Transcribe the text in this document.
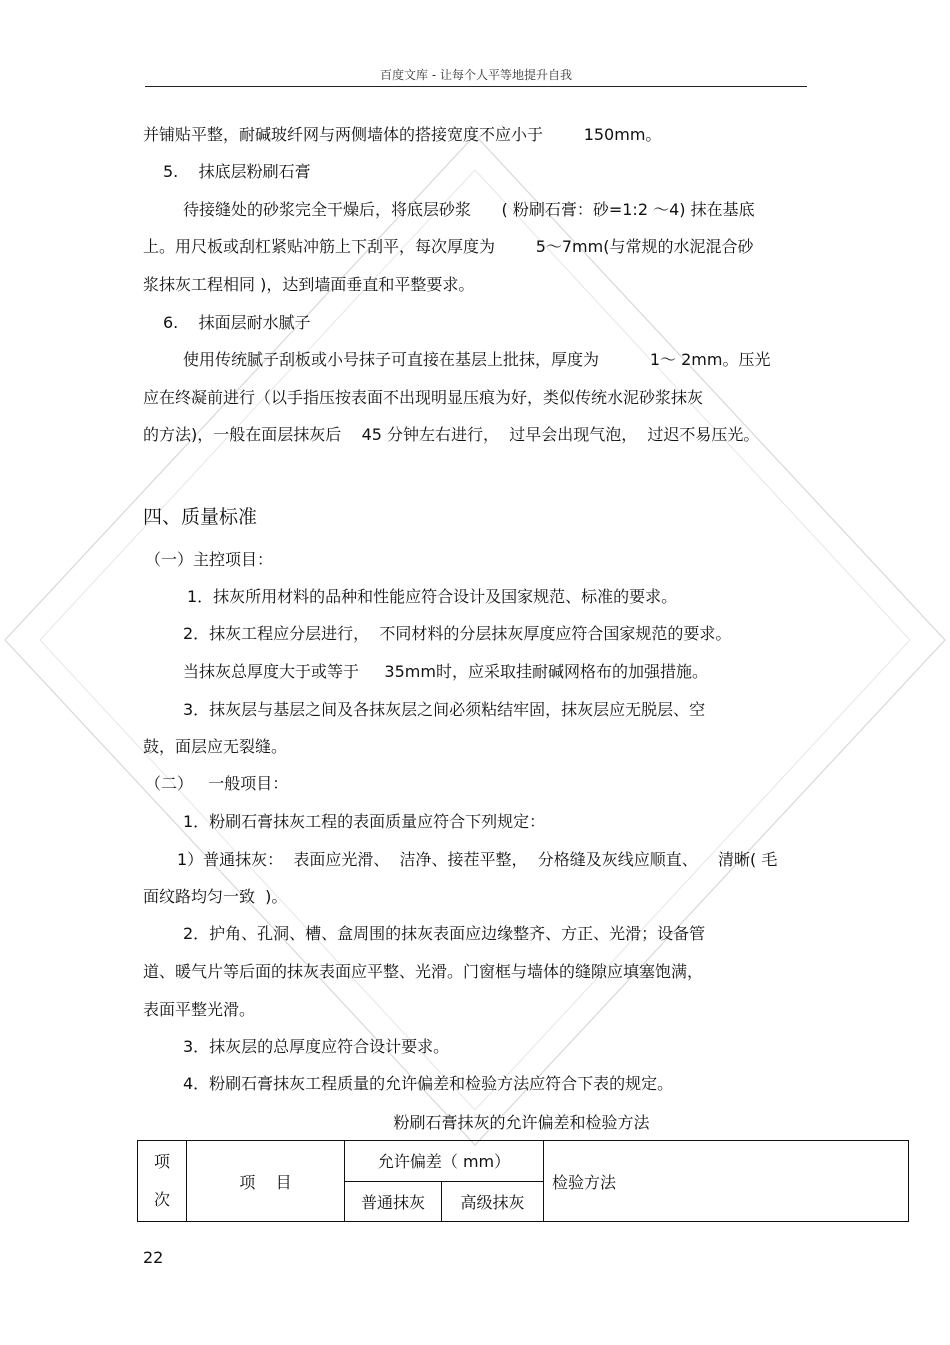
百度文库 - 让每个人平等地提升自我
并铺贴平整，耐碱玻纤网与两侧墙体的搭接宽度不应小于        150mm。
5.    抹底层粉刷石膏
待接缝处的砂浆完全干燥后，将底层砂浆      ( 粉刷石膏：砂=1:2 ～4) 抹在基底
上。用尺板或刮杠紧贴冲筋上下刮平，每次厚度为        5～7mm(与常规的水泥混合砂
浆抹灰工程相同 )，达到墙面垂直和平整要求。
6.    抹面层耐水腻子
使用传统腻子刮板或小号抹子可直接在基层上批抹，厚度为          1～ 2mm。压光
应在终凝前进行（以手指压按表面不出现明显压痕为好，类似传统水泥砂浆抹灰
的方法)，一般在面层抹灰后    45 分钟左右进行，  过早会出现气泡，  过迟不易压光。
四、质量标准
（一）主控项目：
1．抹灰所用材料的品种和性能应符合设计及国家规范、标准的要求。
2．抹灰工程应分层进行，  不同材料的分层抹灰厚度应符合国家规范的要求。
当抹灰总厚度大于或等于     35mm时，应采取挂耐碱网格布的加强措施。
3．抹灰层与基层之间及各抹灰层之间必须粘结牢固，抹灰层应无脱层、空
鼓，面层应无裂缝。
（二）   一般项目：
1．粉刷石膏抹灰工程的表面质量应符合下列规定：
1）普通抹灰：  表面应光滑、  洁净、接茬平整，  分格缝及灰线应顺直、    清晰( 毛
面纹路均匀一致  )。
2．护角、孔洞、槽、盒周围的抹灰表面应边缘整齐、方正、光滑；设备管
道、暖气片等后面的抹灰表面应平整、光滑。门窗框与墙体的缝隙应填塞饱满，
表面平整光滑。
3．抹灰层的总厚度应符合设计要求。
4．粉刷石膏抹灰工程质量的允许偏差和检验方法应符合下表的规定。
粉刷石膏抹灰的允许偏差和检验方法
项
次	项    目	允许偏差（ mm）		检验方法
		普通抹灰	高级抹灰	
22
